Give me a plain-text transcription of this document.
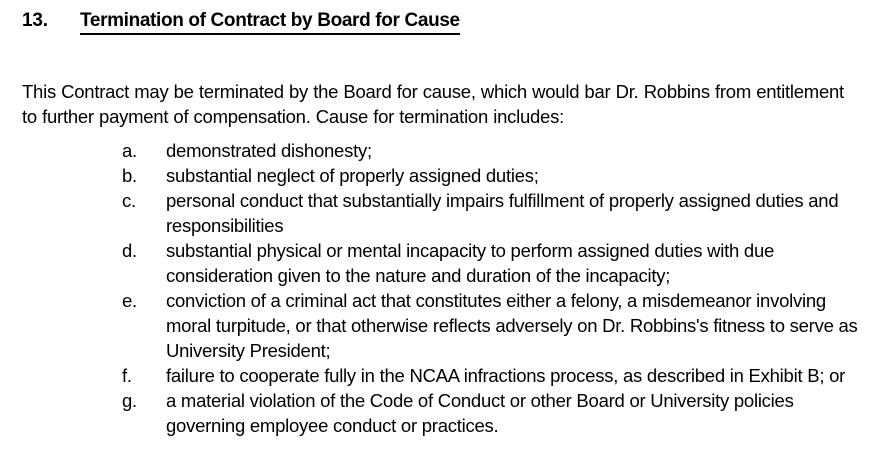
13.	Termination of Contract by Board for Cause

This Contract may be terminated by the Board for cause, which would bar Dr. Robbins from entitlement to further payment of compensation. Cause for termination includes:

a.	demonstrated dishonesty;
b.	substantial neglect of properly assigned duties;
c.	personal conduct that substantially impairs fulfillment of properly assigned duties and responsibilities
d.	substantial physical or mental incapacity to perform assigned duties with due consideration given to the nature and duration of the incapacity;
e.	conviction of a criminal act that constitutes either a felony, a misdemeanor involving moral turpitude, or that otherwise reflects adversely on Dr. Robbins's fitness to serve as University President;
f.	failure to cooperate fully in the NCAA infractions process, as described in Exhibit B; or
g.	a material violation of the Code of Conduct or other Board or University policies governing employee conduct or practices.
